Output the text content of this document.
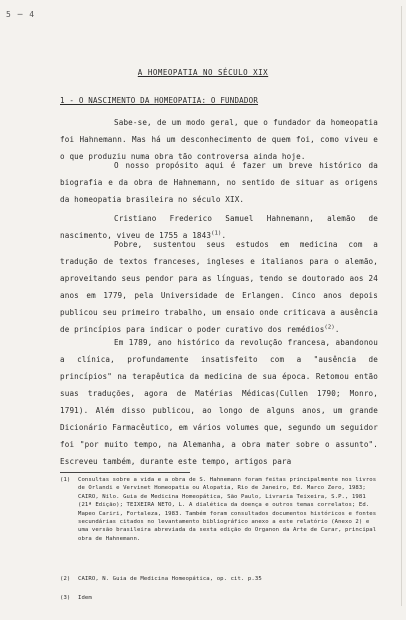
5 ─ 4
A HOMEOPATIA NO SÉCULO XIX
1 - O NASCIMENTO DA HOMEOPATIA: O FUNDADOR
Sabe-se, de um modo geral, que o fundador da homeopatia foi Hahnemann. Mas há um desconhecimento de quem foi, como viveu e o que produziu numa obra tão controversa ainda hoje.
O nosso propósito aqui é fazer um breve histórico da biografia e da obra de Hahnemann, no sentido de situar as origens da homeopatia brasileira no século XIX.
Cristiano Frederico Samuel Hahnemann, alemão de nascimento, viveu de 1755 a 1843$^{(1)}$.
Pobre, sustentou seus estudos em medicina com a tradução de textos franceses, ingleses e italianos para o alemão, aproveitando seus pendor para as línguas, tendo se doutorado aos 24 anos em 1779, pela Universidade de Erlangen. Cinco anos depois publicou seu primeiro trabalho, um ensaio onde criticava a ausência de princípios para indicar o poder curativo dos remédios$^{(2)}$.
Em 1789, ano histórico da revolução francesa, abandonou a clínica, profundamente insatisfeito com a "ausência de princípios" na terapêutica da medicina de sua época. Retomou então suas traduções, agora de Matérias Médicas(Cullen 1790; Monro, 1791). Além disso publicou, ao longo de alguns anos, um grande Dicionário Farmacêutico, em vários volumes que, segundo um seguidor foi "por muito tempo, na Alemanha, a obra mater sobre o assunto". Escreveu também, durante este tempo, artigos para
(1) Consultas sobre a vida e a obra de S. Hahnemann foram feitas principalmente nos livros de Orlandi e Vervinet Homeopatia ou Alopatia, Rio de Janeiro, Ed. Marco Zero, 1983; CAIRO, Nilo. Guia de Medicina Homeopática, São Paulo, Livraria Teixeira, S.P., 1981 (21ª Edição); TEIXEIRA NETO, L. A dialética da doença e outros temas correlatos; Ed. Mapeo Cariri, Fortaleza, 1983. Também foram consultados documentos históricos e fontes secundárias citados no levantamento bibliográfico anexo a este relatório (Anexo 2) e uma versão brasileira abreviada da sexta edição do Organon da Arte de Curar, principal obra de Hahnemann.
(2) CAIRO, N. Guia de Medicina Homeopática, op. cit. p.35
(3) Idem
